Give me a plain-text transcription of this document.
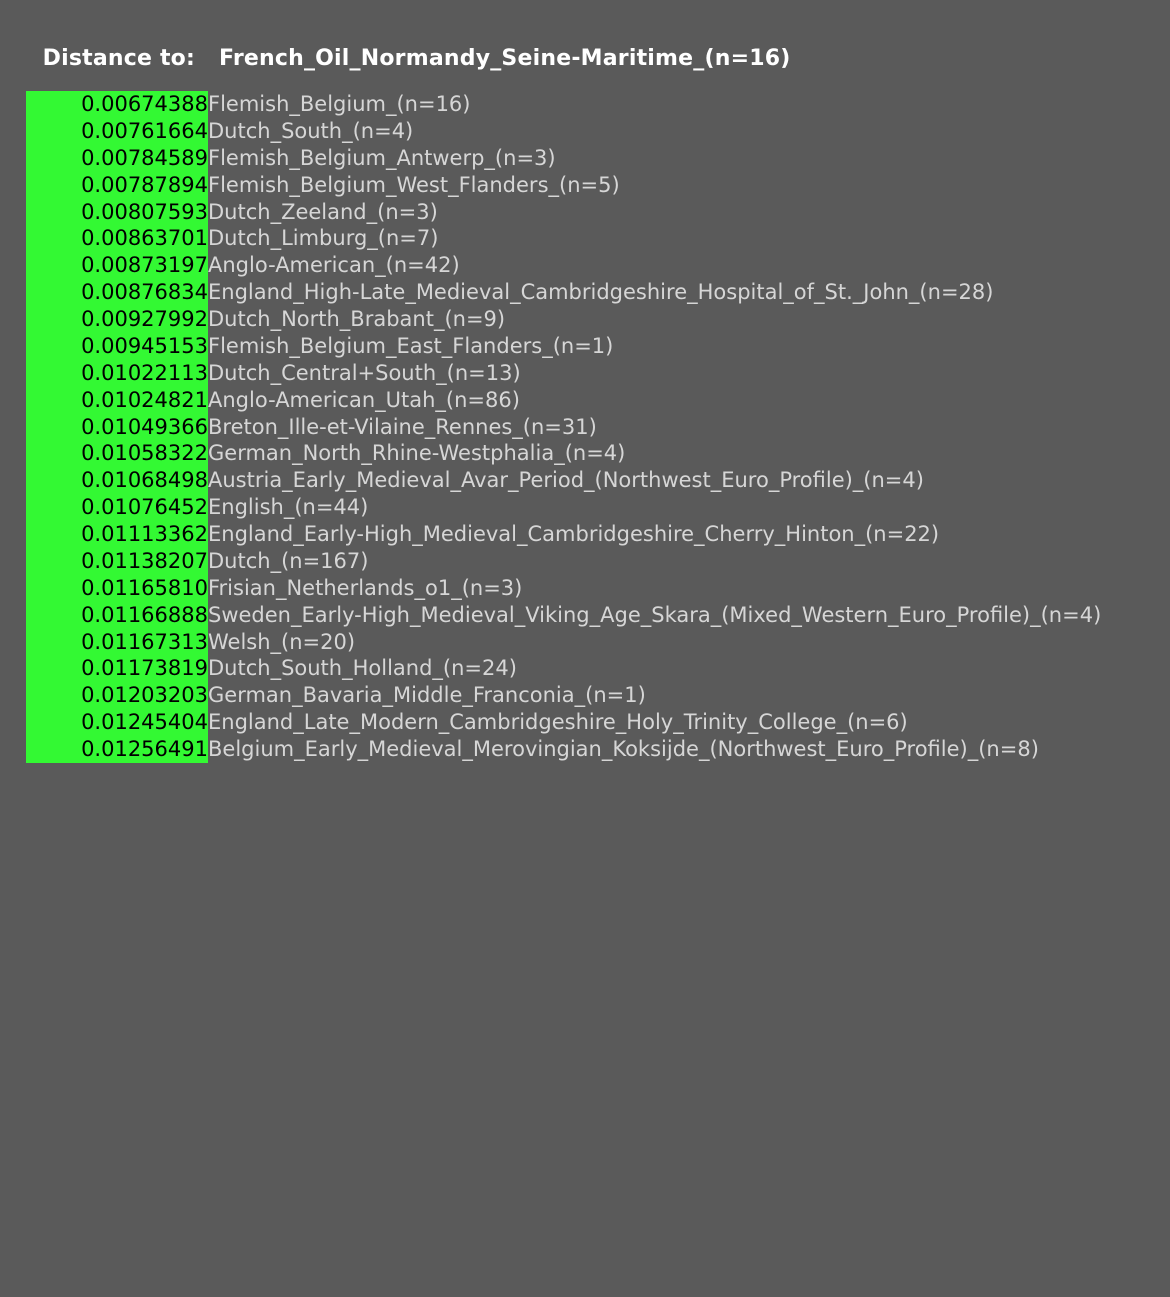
Distance to:	French_Oil_Normandy_Seine-Maritime_(n=16)
0.00674388	Flemish_Belgium_(n=16)
0.00761664	Dutch_South_(n=4)
0.00784589	Flemish_Belgium_Antwerp_(n=3)
0.00787894	Flemish_Belgium_West_Flanders_(n=5)
0.00807593	Dutch_Zeeland_(n=3)
0.00863701	Dutch_Limburg_(n=7)
0.00873197	Anglo-American_(n=42)
0.00876834	England_High-Late_Medieval_Cambridgeshire_Hospital_of_St._John_(n=28)
0.00927992	Dutch_North_Brabant_(n=9)
0.00945153	Flemish_Belgium_East_Flanders_(n=1)
0.01022113	Dutch_Central+South_(n=13)
0.01024821	Anglo-American_Utah_(n=86)
0.01049366	Breton_Ille-et-Vilaine_Rennes_(n=31)
0.01058322	German_North_Rhine-Westphalia_(n=4)
0.01068498	Austria_Early_Medieval_Avar_Period_(Northwest_Euro_Profile)_(n=4)
0.01076452	English_(n=44)
0.01113362	England_Early-High_Medieval_Cambridgeshire_Cherry_Hinton_(n=22)
0.01138207	Dutch_(n=167)
0.01165810	Frisian_Netherlands_o1_(n=3)
0.01166888	Sweden_Early-High_Medieval_Viking_Age_Skara_(Mixed_Western_Euro_Profile)_(n=4)
0.01167313	Welsh_(n=20)
0.01173819	Dutch_South_Holland_(n=24)
0.01203203	German_Bavaria_Middle_Franconia_(n=1)
0.01245404	England_Late_Modern_Cambridgeshire_Holy_Trinity_College_(n=6)
0.01256491	Belgium_Early_Medieval_Merovingian_Koksijde_(Northwest_Euro_Profile)_(n=8)
